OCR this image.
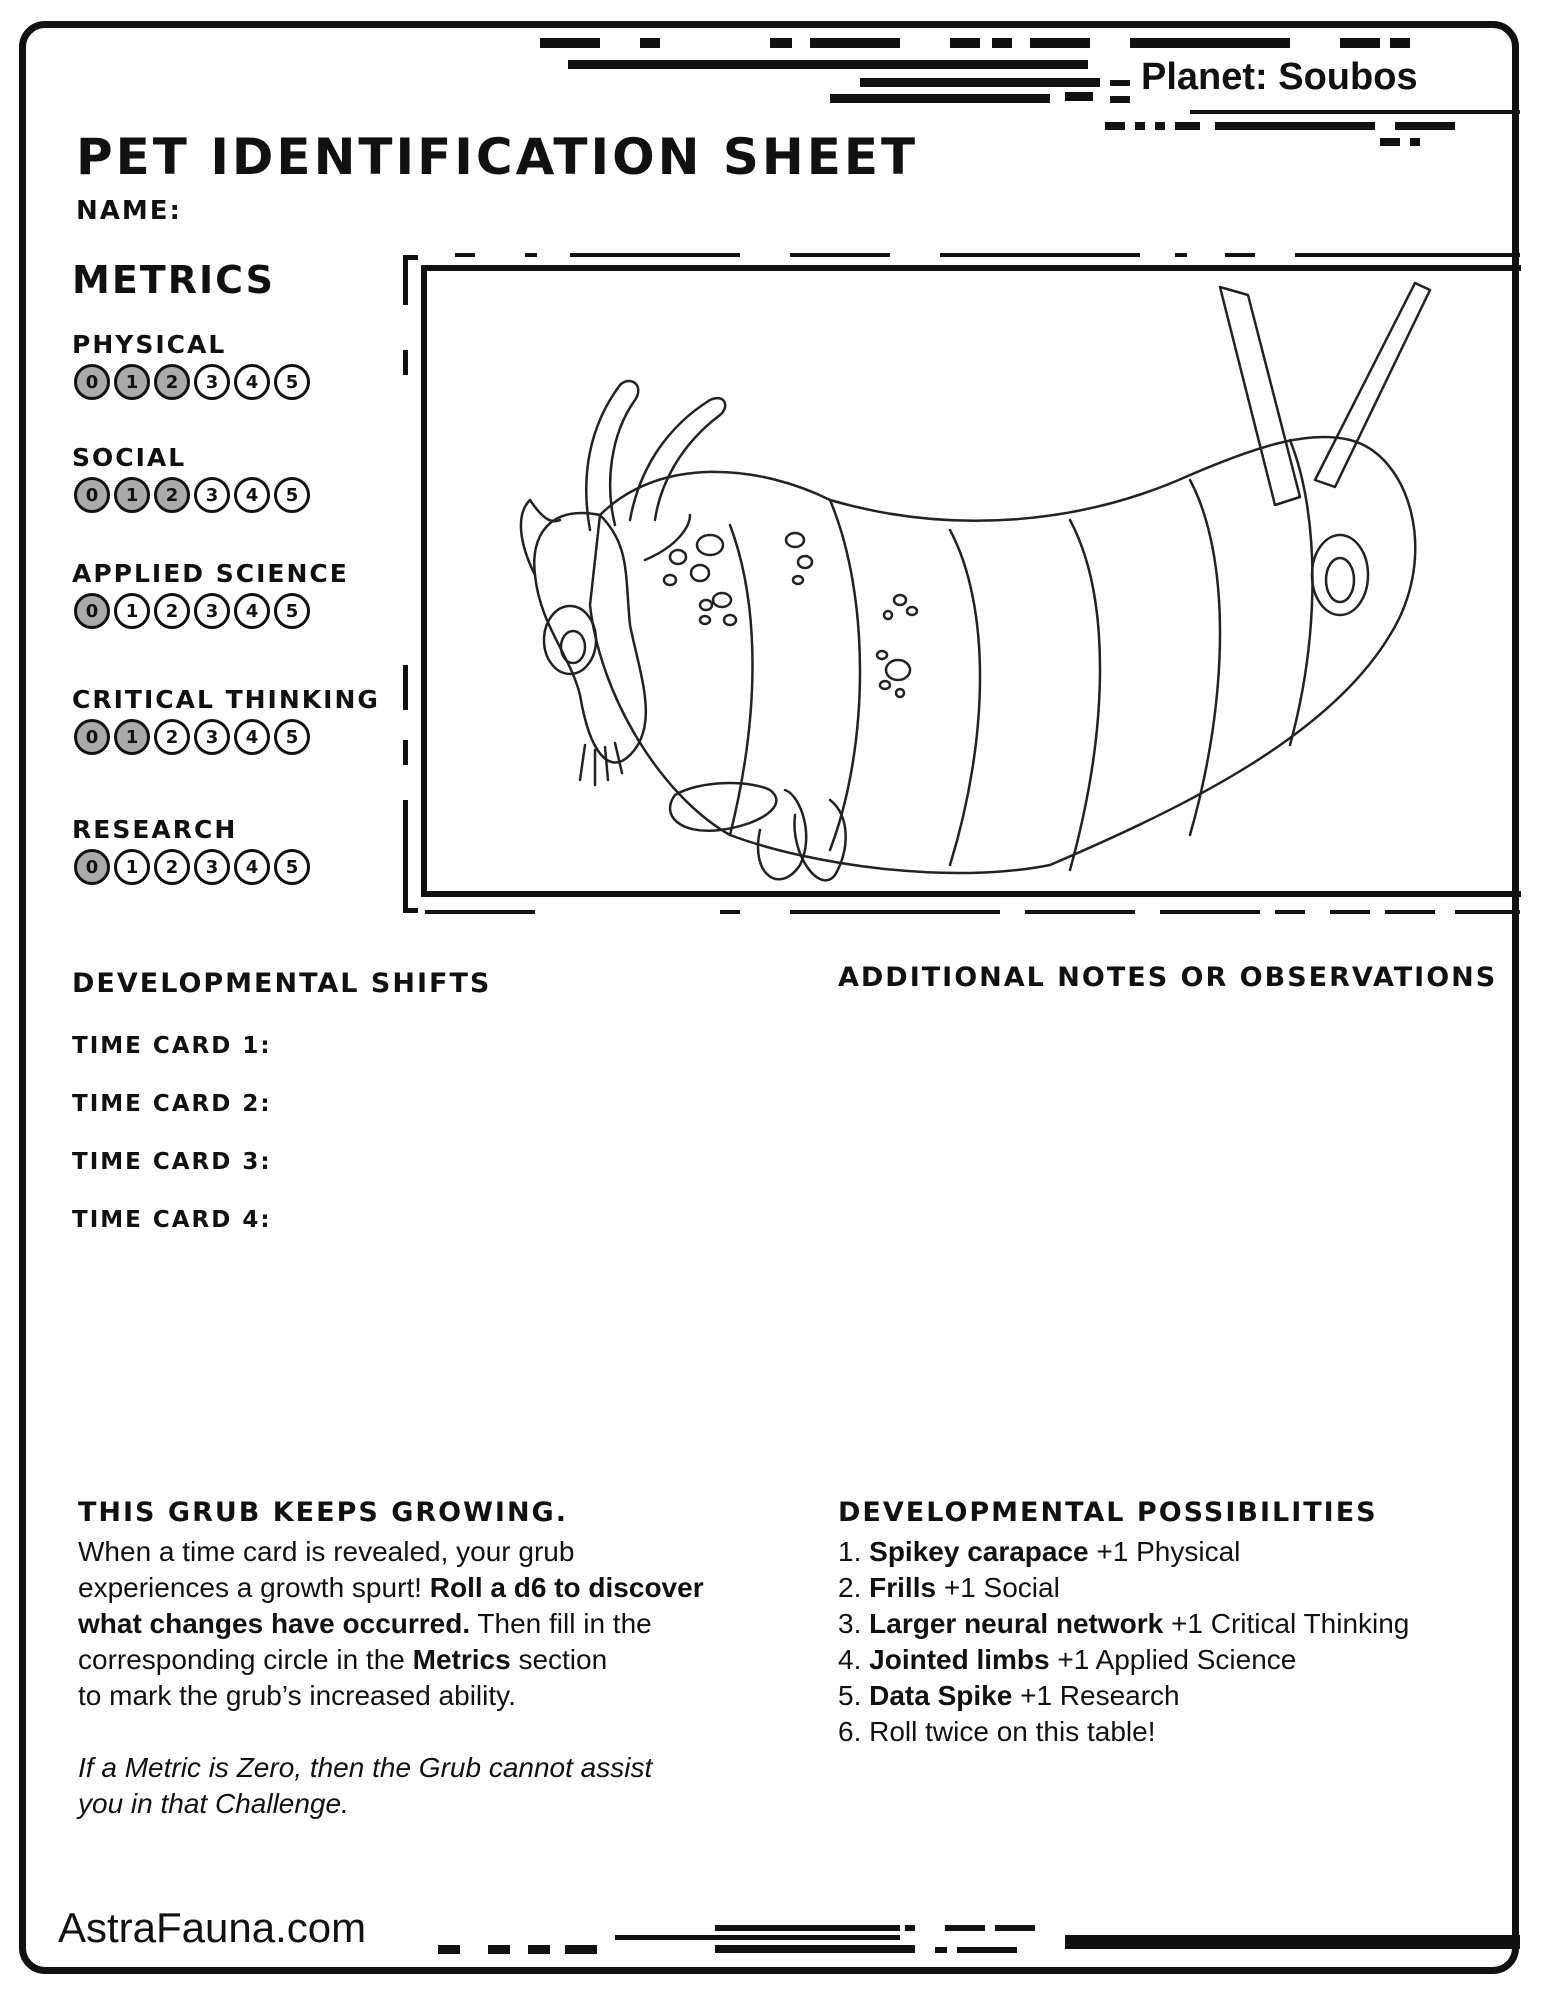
Planet: Soubos
PET IDENTIFICATION SHEET
NAME:
METRICS
PHYSICAL
0	1	2	3	4	5
SOCIAL
0	1	2	3	4	5
APPLIED SCIENCE
0	1	2	3	4	5
CRITICAL THINKING
0	1	2	3	4	5
RESEARCH
0	1	2	3	4	5
DEVELOPMENTAL SHIFTS
TIME CARD 1:
TIME CARD 2:
TIME CARD 3:
TIME CARD 4:
ADDITIONAL NOTES OR OBSERVATIONS
THIS GRUB KEEPS GROWING.
When a time card is revealed, your grub
experiences a growth spurt! Roll a d6 to discover
what changes have occurred. Then fill in the
corresponding circle in the Metrics section
to mark the grub’s increased ability.
If a Metric is Zero, then the Grub cannot assist
you in that Challenge.
DEVELOPMENTAL POSSIBILITIES
1. Spikey carapace +1 Physical
2. Frills +1 Social
3. Larger neural network +1 Critical Thinking
4. Jointed limbs +1 Applied Science
5. Data Spike +1 Research
6. Roll twice on this table!
AstraFauna.com
